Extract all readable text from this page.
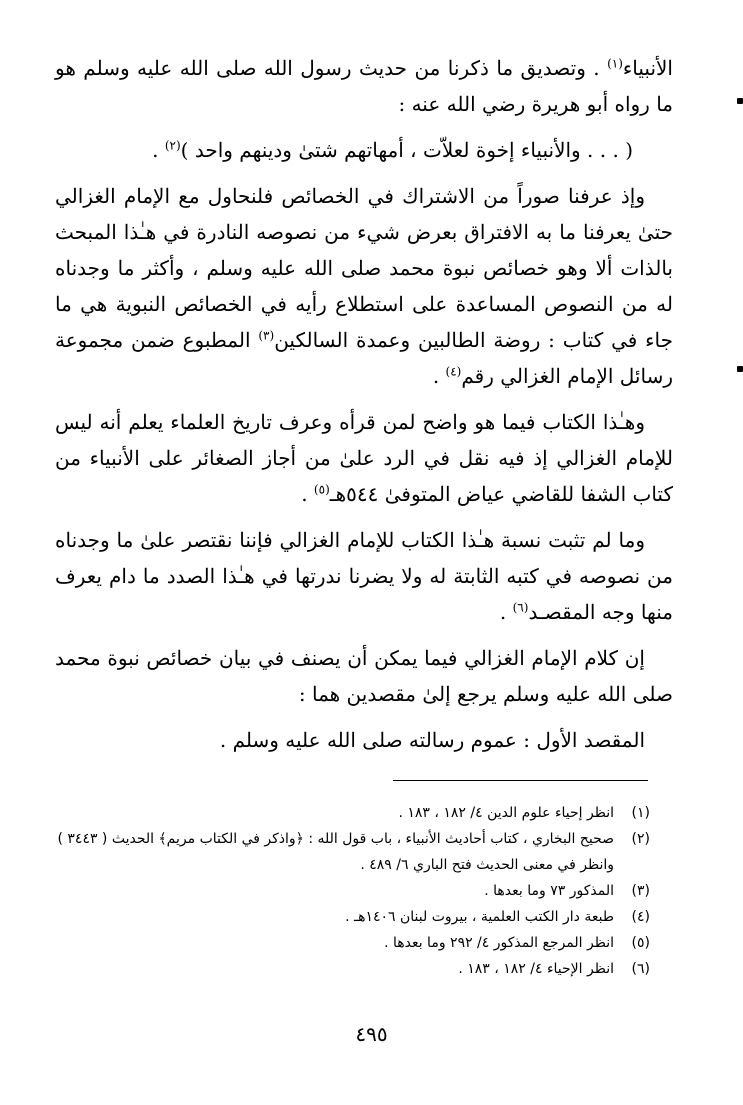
الأنبياء$^{(١)}$ . وتصديق ما ذكرنا من حديث رسول الله صلى الله عليه وسلم هو ما رواه أبو هريرة رضي الله عنه :

( . . . والأنبياء إخوة لعلاّت ، أمهاتهم شتىٰ ودينهم واحد )$^{(٢)}$ .

وإذ عرفنا صوراً من الاشتراك في الخصائص فلنحاول مع الإمام الغزالي حتىٰ يعرفنا ما به الافتراق بعرض شيء من نصوصه النادرة في هـٰذا المبحث بالذات ألا وهو خصائص نبوة محمد صلى الله عليه وسلم ، وأكثر ما وجدناه له من النصوص المساعدة على استطلاع رأيه في الخصائص النبوية هي ما جاء في كتاب : روضة الطالبين وعمدة السالكين$^{(٣)}$ المطبوع ضمن مجموعة رسائل الإمام الغزالي رقم$^{(٤)}$ .

وهـٰذا الكتاب فيما هو واضح لمن قرأه وعرف تاريخ العلماء يعلم أنه ليس للإمام الغزالي إذ فيه نقل في الرد علىٰ من أجاز الصغائر على الأنبياء من كتاب الشفا للقاضي عياض المتوفىٰ ٥٤٤هـ$^{(٥)}$ .

وما لم تثبت نسبة هـٰذا الكتاب للإمام الغزالي فإننا نقتصر علىٰ ما وجدناه من نصوصه في كتبه الثابتة له ولا يضرنا ندرتها في هـٰذا الصدد ما دام يعرف منها وجه المقصـد$^{(٦)}$ .

إن كلام الإمام الغزالي فيما يمكن أن يصنف في بيان خصائص نبوة محمد صلى الله عليه وسلم يرجع إلىٰ مقصدين هما :

المقصد الأول : عموم رسالته صلى الله عليه وسلم .

(١)
انظر إحياء علوم الدين ٤/ ١٨٢ ، ١٨٣ .
(٢)
صحيح البخاري ، كتاب أحاديث الأنبياء ، باب قول الله : ﴿واذكر في الكتاب مريم﴾ الحديث ( ٣٤٤٣ ) وانظر في معنى الحديث فتح الباري ٦/ ٤٨٩ .
(٣)
المذكور ٧٣ وما بعدها .
(٤)
طبعة دار الكتب العلمية ، بيروت لبنان ١٤٠٦هـ .
(٥)
انظر المرجع المذكور ٤/ ٢٩٢ وما بعدها .
(٦)
انظر الإحياء ٤/ ١٨٢ ، ١٨٣ .
٤٩٥
